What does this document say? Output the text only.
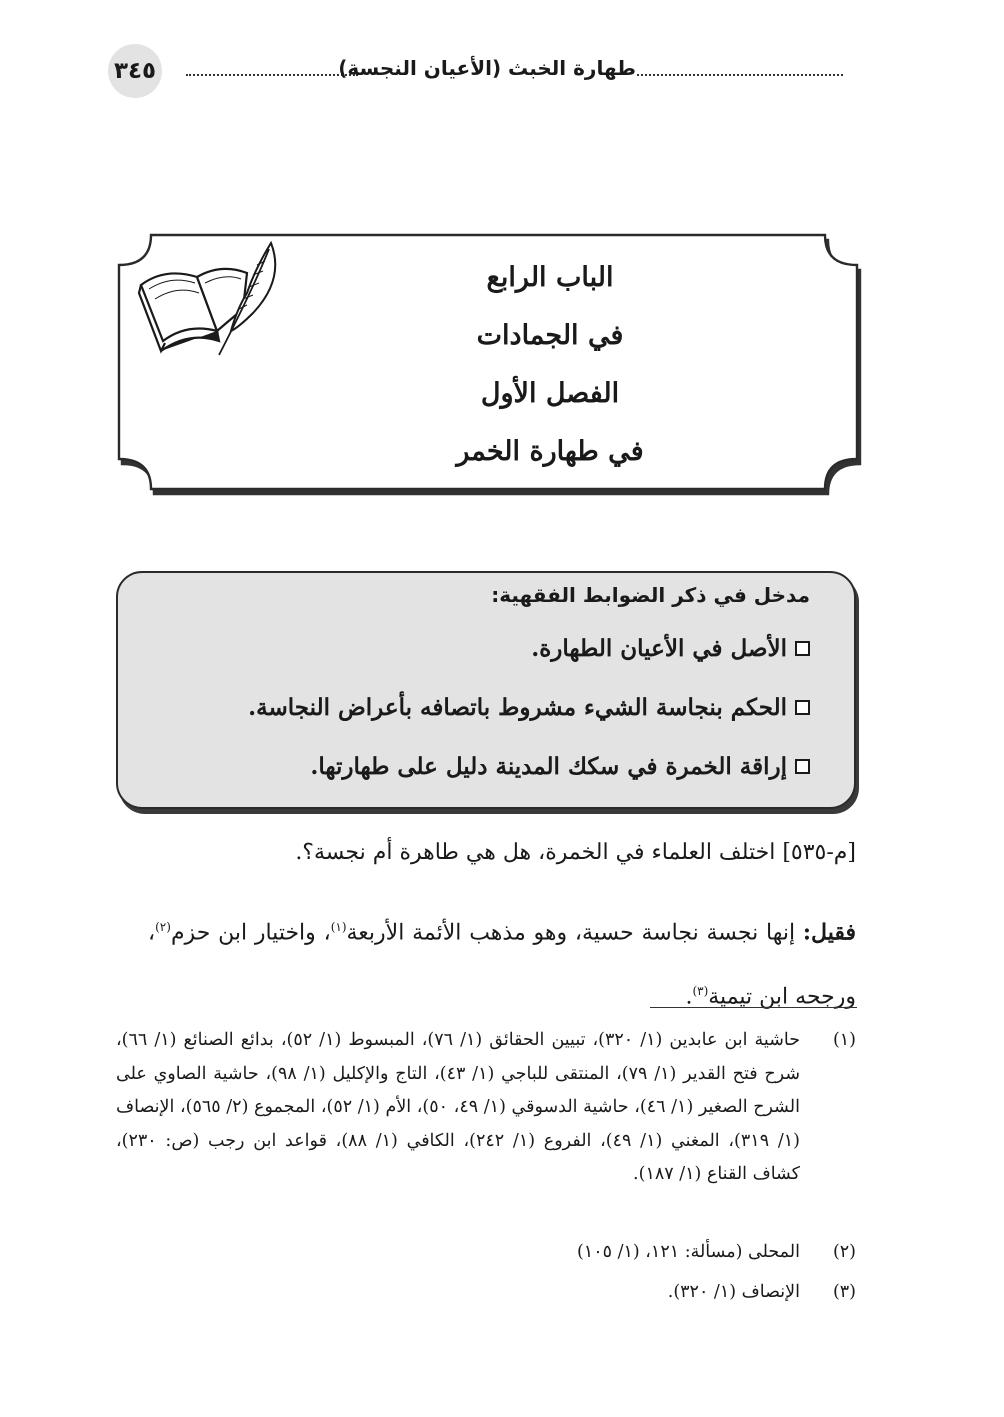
٣٤٥	طهارة الخبث (الأعيان النجسة)
الباب الرابع
في الجمادات
الفصل الأول
في طهارة الخمر
مدخل في ذكر الضوابط الفقهية:
الأصل في الأعيان الطهارة.
الحكم بنجاسة الشيء مشروط باتصافه بأعراض النجاسة.
إراقة الخمرة في سكك المدينة دليل على طهارتها.
[م-٥٣٥] اختلف العلماء في الخمرة، هل هي طاهرة أم نجسة؟.
فقيل: إنها نجسة نجاسة حسية، وهو مذهب الأئمة الأربعة$^{(١)}$، واختيار ابن حزم$^{(٢)}$، ورجحه ابن تيمية$^{(٣)}$.
(١)
حاشية ابن عابدين (١/ ٣٢٠)، تبيين الحقائق (١/ ٧٦)، المبسوط (١/ ٥٢)، بدائع الصنائع (١/ ٦٦)، شرح فتح القدير (١/ ٧٩)، المنتقى للباجي (١/ ٤٣)، التاج والإكليل (١/ ٩٨)، حاشية الصاوي على الشرح الصغير (١/ ٤٦)، حاشية الدسوقي (١/ ٤٩، ٥٠)، الأم (١/ ٥٢)، المجموع (٢/ ٥٦٥)، الإنصاف (١/ ٣١٩)، المغني (١/ ٤٩)، الفروع (١/ ٢٤٢)، الكافي (١/ ٨٨)، قواعد ابن رجب (ص: ٢٣٠)، كشاف القناع (١/ ١٨٧).
(٢)
المحلى (مسألة: ١٢١، (١/ ١٠٥)
(٣)
الإنصاف (١/ ٣٢٠).
